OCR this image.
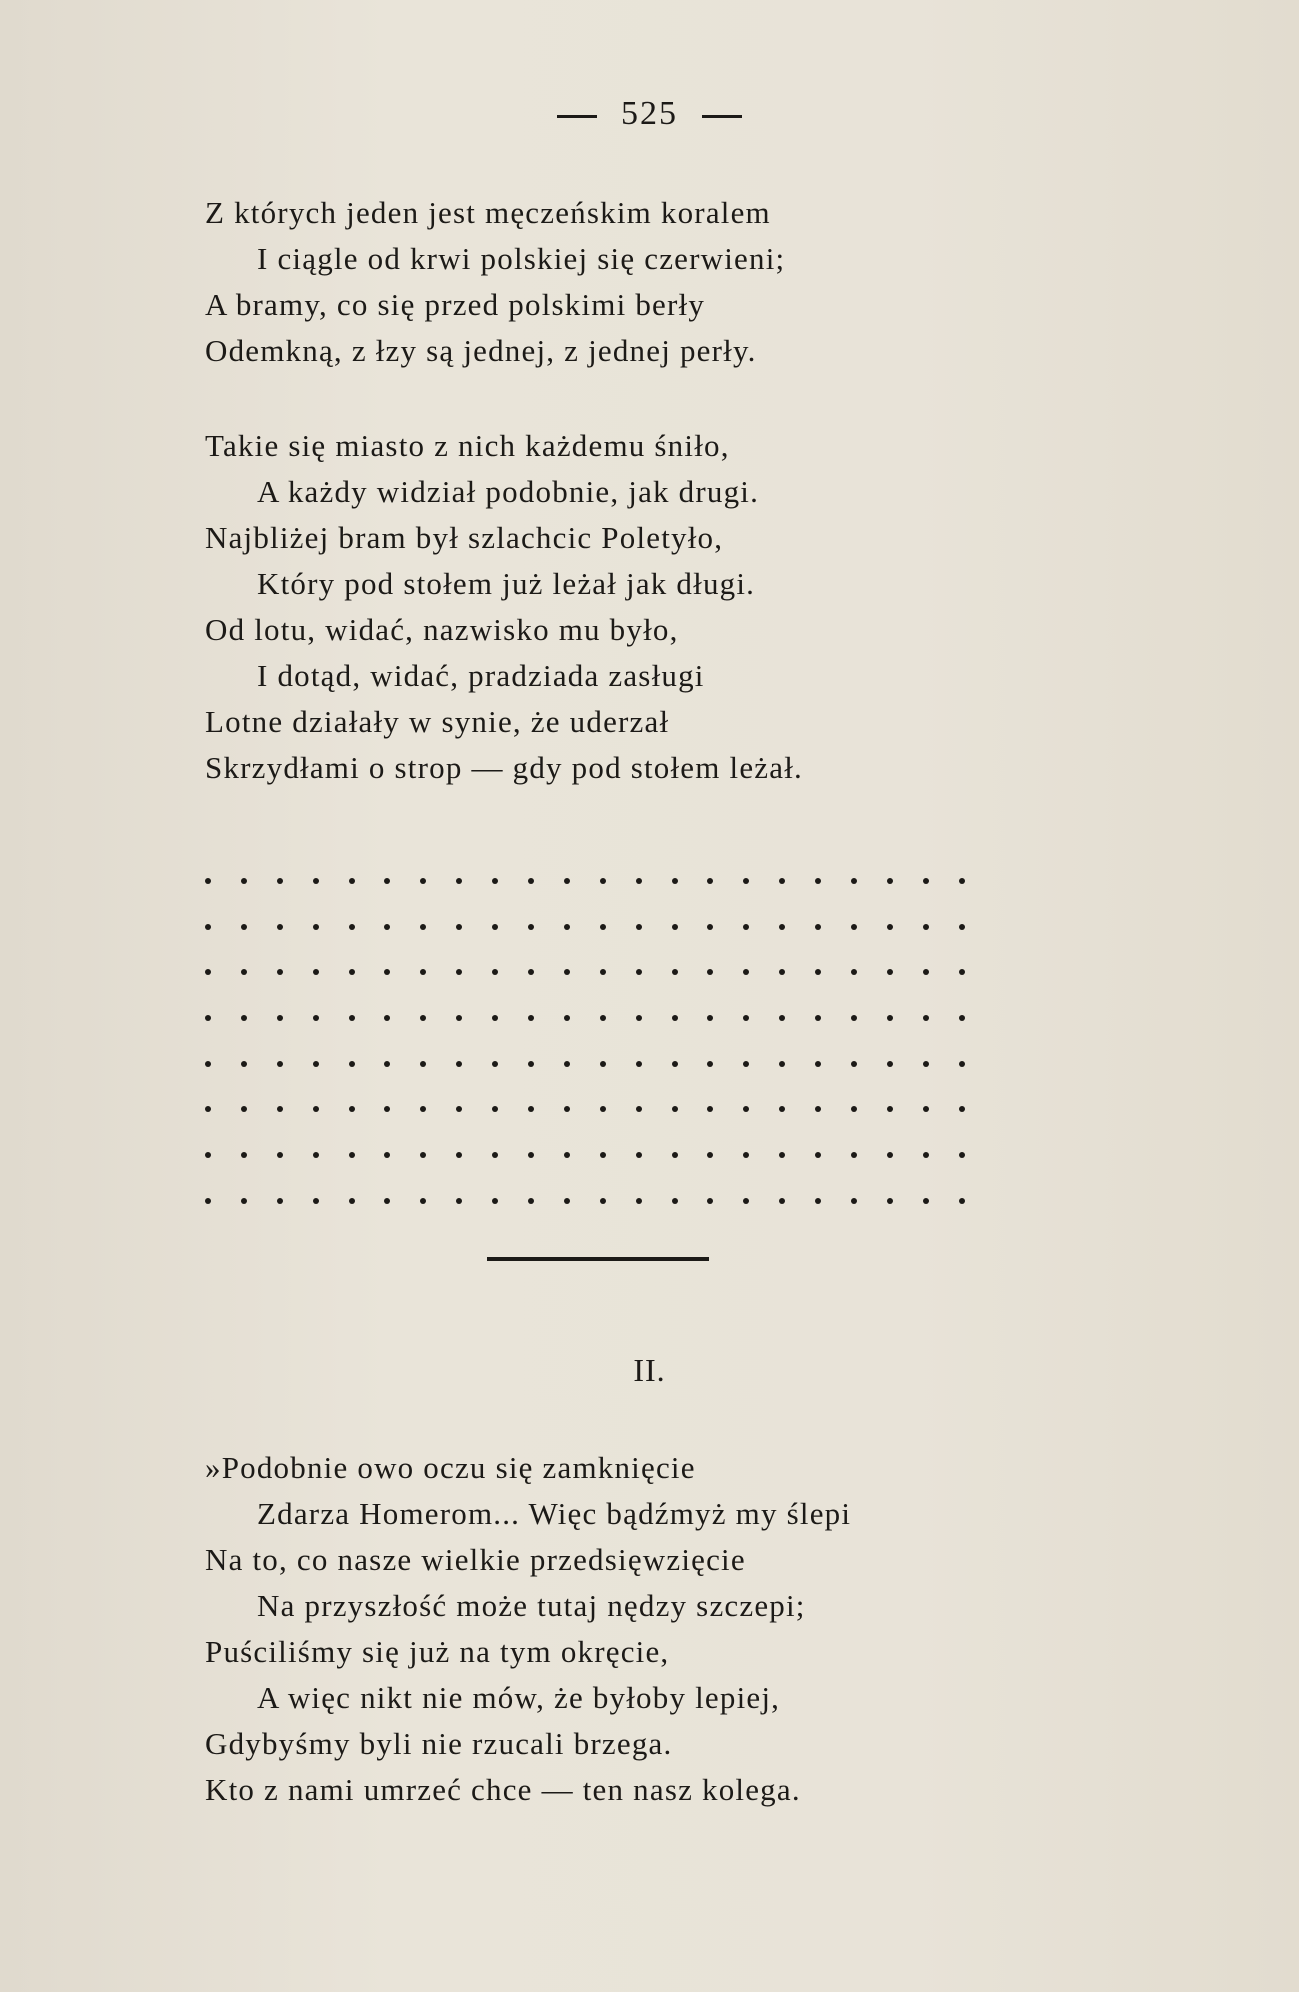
525
Z których jeden jest męczeńskim koralem
I ciągle od krwi polskiej się czerwieni;
A bramy, co się przed polskimi berły
Odemkną, z łzy są jednej, z jednej perły.
Takie się miasto z nich każdemu śniło,
A każdy widział podobnie, jak drugi.
Najbliżej bram był szlachcic Poletyło,
Który pod stołem już leżał jak długi.
Od lotu, widać, nazwisko mu było,
I dotąd, widać, pradziada zasługi
Lotne działały w synie, że uderzał
Skrzydłami o strop — gdy pod stołem leżał.
II.
»Podobnie owo oczu się zamknięcie
Zdarza Homerom... Więc bądźmyż my ślepi
Na to, co nasze wielkie przedsięwzięcie
Na przyszłość może tutaj nędzy szczepi;
Puściliśmy się już na tym okręcie,
A więc nikt nie mów, że byłoby lepiej,
Gdybyśmy byli nie rzucali brzega.
Kto z nami umrzeć chce — ten nasz kolega.
